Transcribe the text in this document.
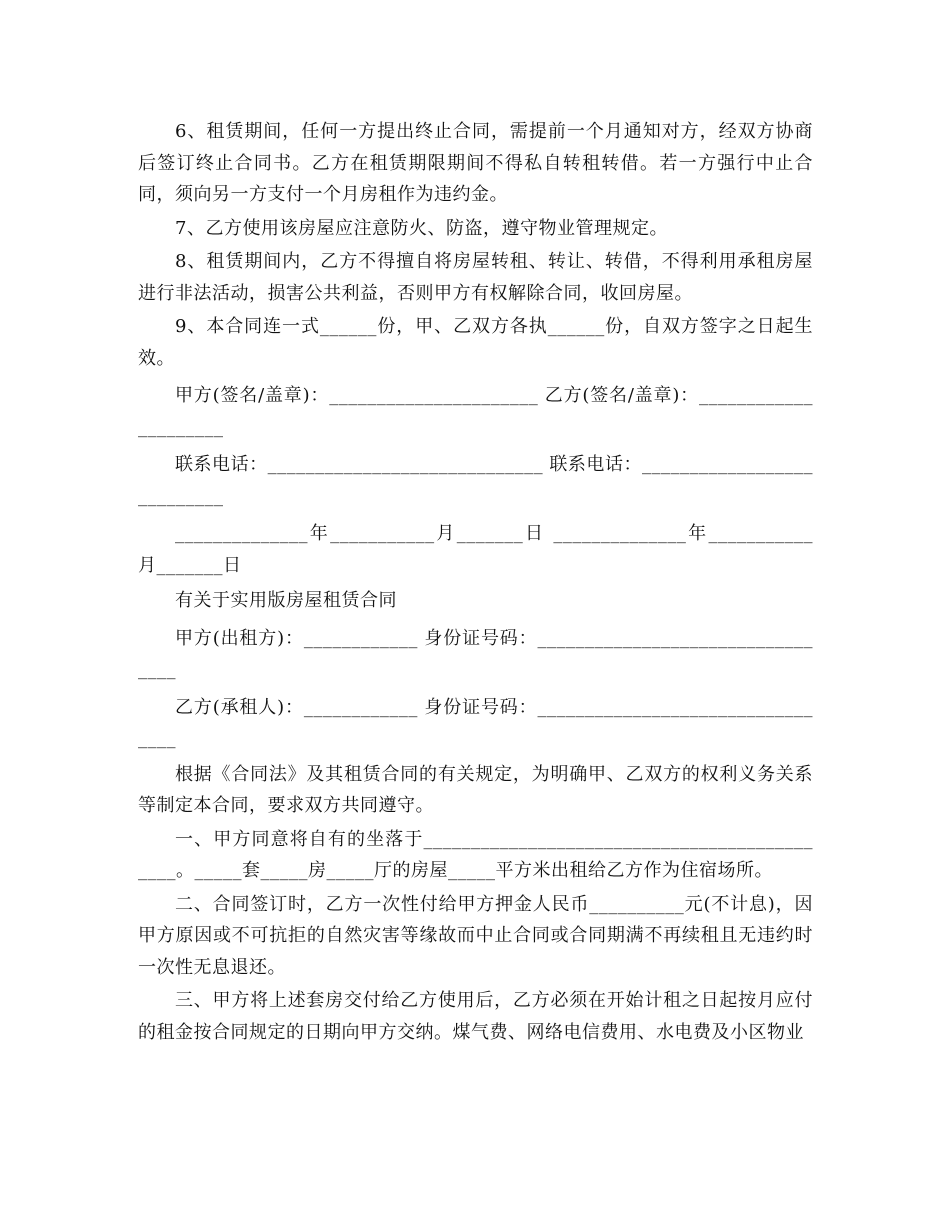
6、租赁期间，任何一方提出终止合同，需提前一个月通知对方，经双方协商后签订终止合同书。乙方在租赁期限期间不得私自转租转借。若一方强行中止合同，须向另一方支付一个月房租作为违约金。

7、乙方使用该房屋应注意防火、防盗，遵守物业管理规定。

8、租赁期间内，乙方不得擅自将房屋转租、转让、转借，不得利用承租房屋进行非法活动，损害公共利益，否则甲方有权解除合同，收回房屋。

9、本合同连一式______份，甲、乙双方各执______份，自双方签字之日起生效。

甲方(签名/盖章)：______________________ 乙方(签名/盖章)：_____________________

联系电话：_____________________________ 联系电话：___________________________

______________年___________月_______日 ______________年___________月_______日

有关于实用版房屋租赁合同

甲方(出租方)：____________ 身份证号码：_________________________________

乙方(承租人)：____________ 身份证号码：_________________________________

根据《合同法》及其租赁合同的有关规定，为明确甲、乙双方的权利义务关系等制定本合同，要求双方共同遵守。

一、甲方同意将自有的坐落于_____________________________________________。_____套_____房_____厅的房屋_____平方米出租给乙方作为住宿场所。

二、合同签订时，乙方一次性付给甲方押金人民币__________元(不计息)，因甲方原因或不可抗拒的自然灾害等缘故而中止合同或合同期满不再续租且无违约时一次性无息退还。

三、甲方将上述套房交付给乙方使用后，乙方必须在开始计租之日起按月应付的租金按合同规定的日期向甲方交纳。煤气费、网络电信费用、水电费及小区物业
